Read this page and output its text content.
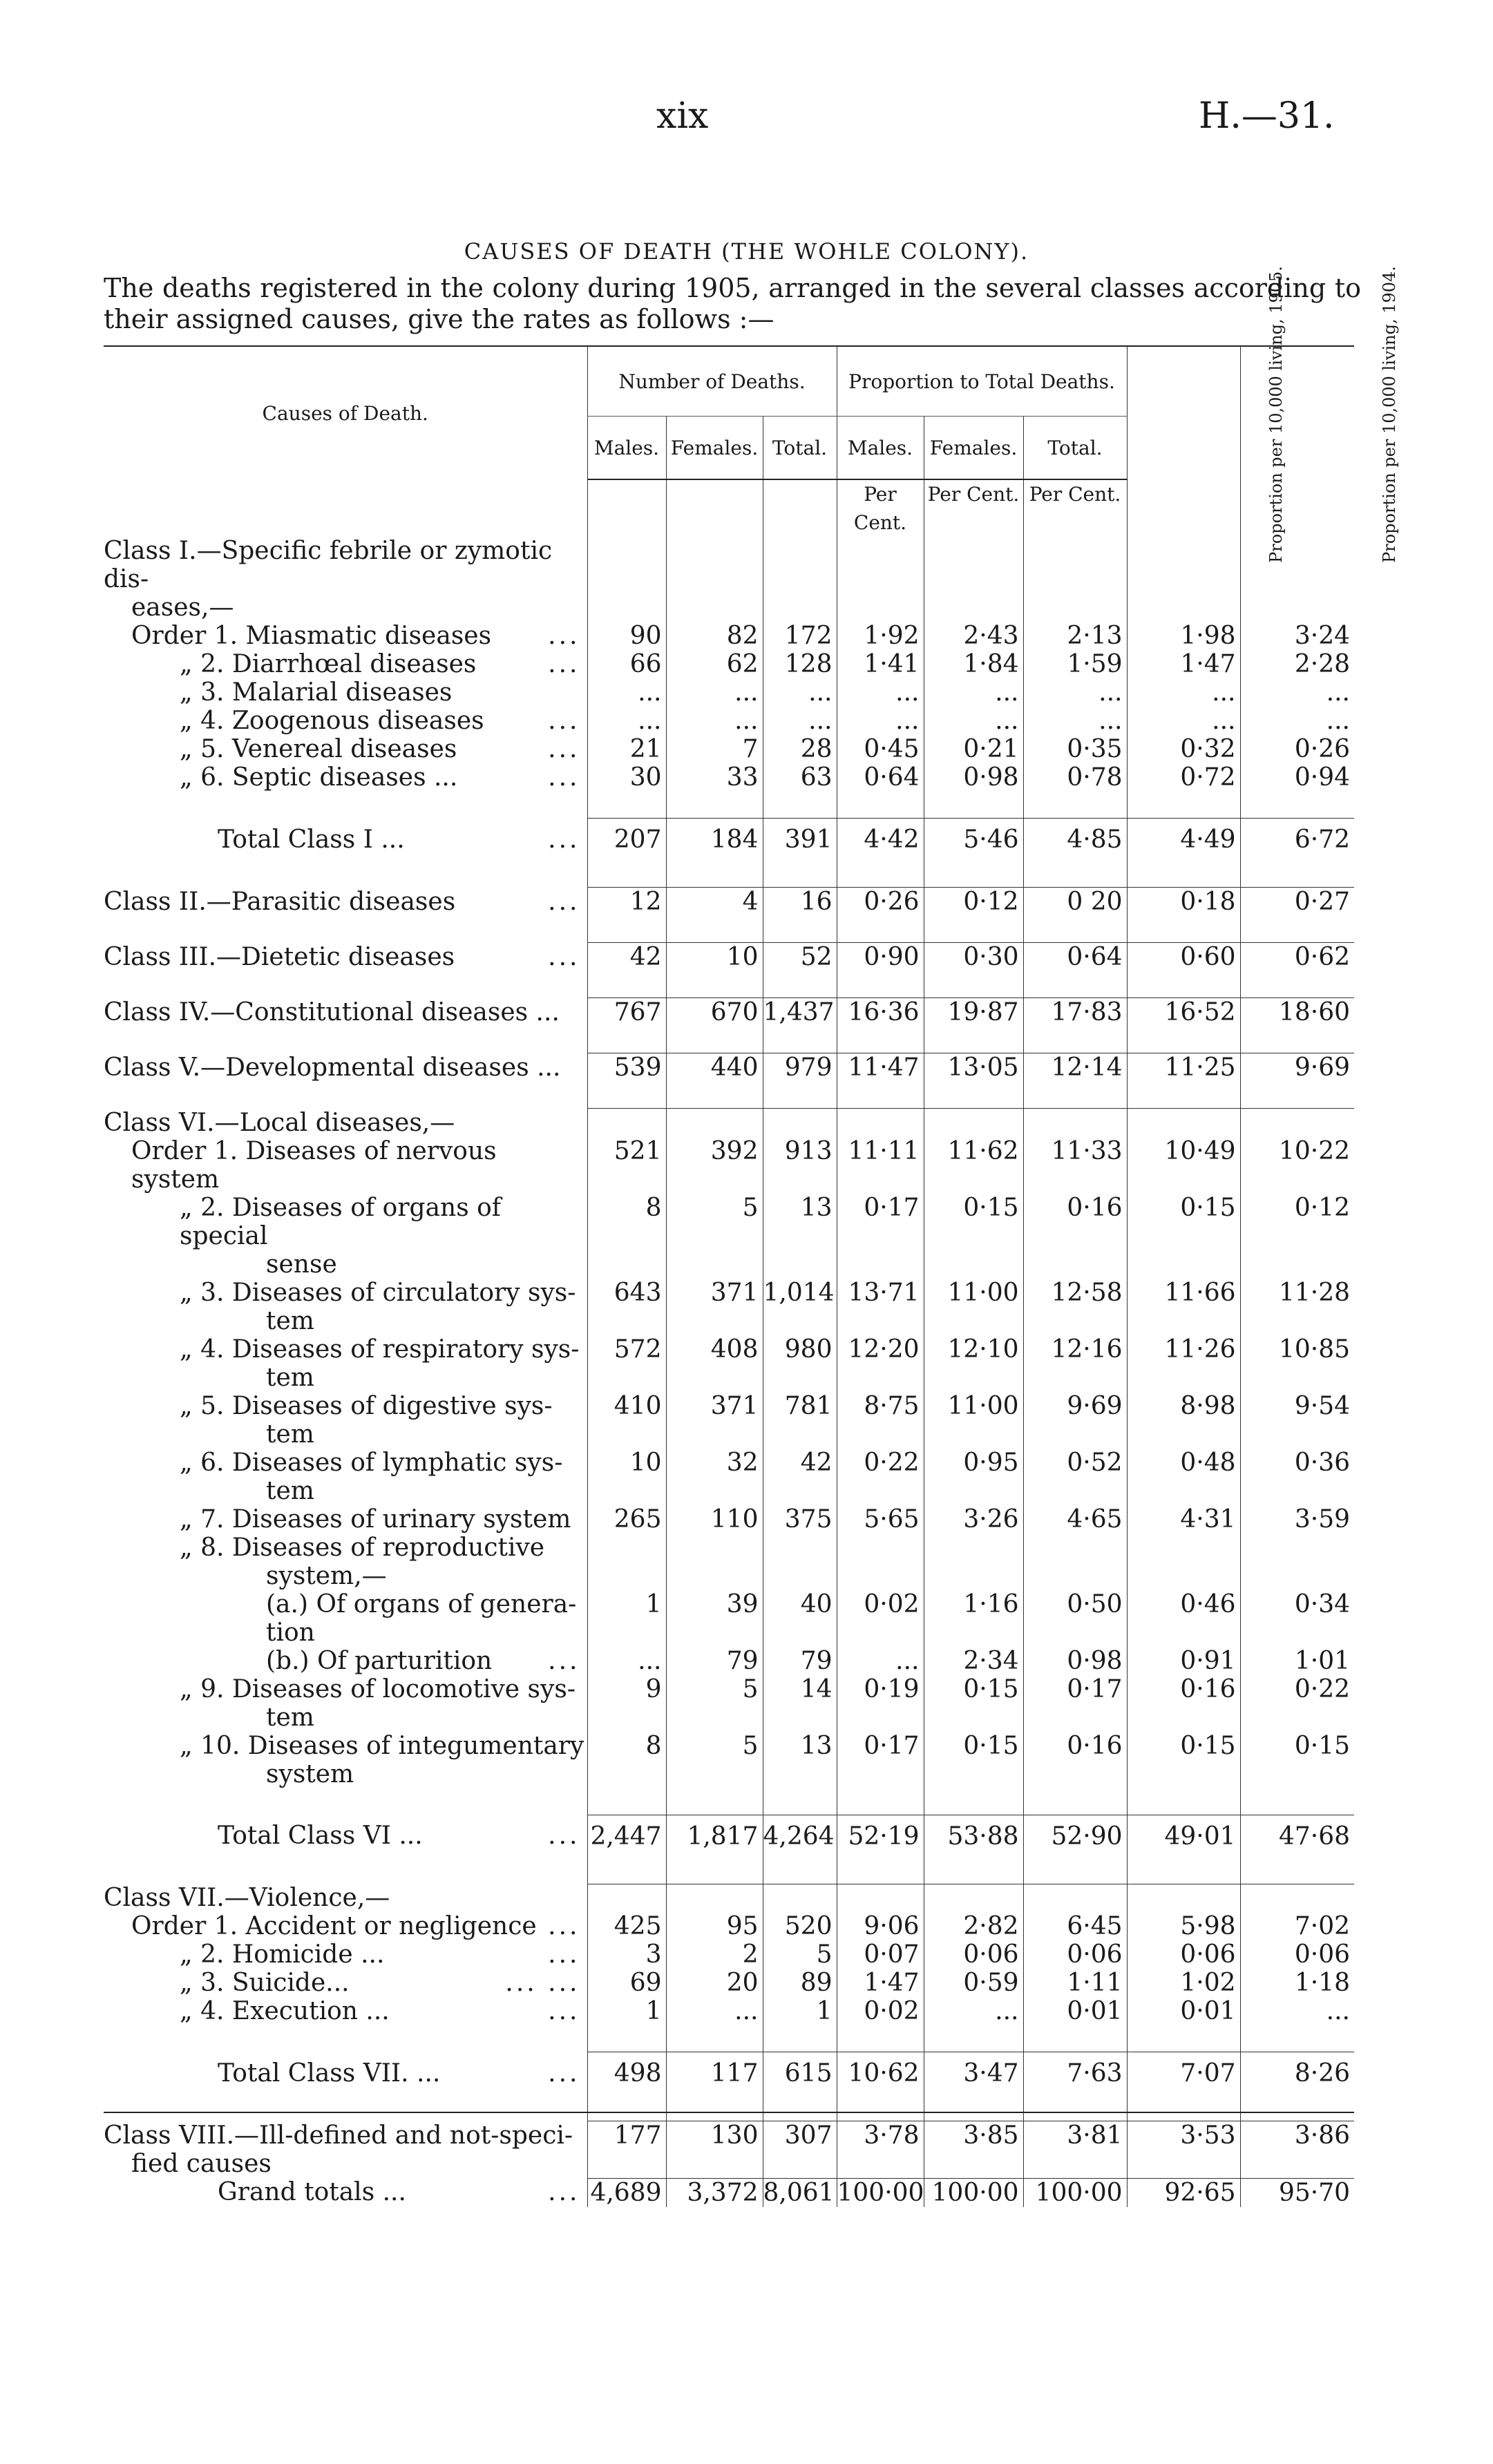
xix	H.—31.
CAUSES OF DEATH (THE WOHLE COLONY).
The deaths registered in the colony during 1905, arranged in the several classes according to their assigned causes, give the rates as follows :—
Causes of Death.	Number of Deaths.			Proportion to Total Deaths.			Proportion per 10,000 living, 1905.	Proportion per 10,000 living, 1904.
	Males.	Females.	Total.	Males.	Females.	Total.		
				Per Cent.	Per Cent.	Per Cent.		
Class I.—Specific febrile or zymotic dis-								
eases,—								
Order 1. Miasmatic diseases ...	90	82	172	1·92	2·43	2·13	1·98	3·24
„ 2. Diarrhœal diseases ...	66	62	128	1·41	1·84	1·59	1·47	2·28
„ 3. Malarial diseases	...	...	...	...	...	...	...	...
„ 4. Zoogenous diseases ...	...	...	...	...	...	...	...	...
„ 5. Venereal diseases ...	21	7	28	0·45	0·21	0·35	0·32	0·26
„ 6. Septic diseases ... ...	30	33	63	0·64	0·98	0·78	0·72	0·94

Total Class I ... ...	207	184	391	4·42	5·46	4·85	4·49	6·72

Class II.—Parasitic diseases ...	12	4	16	0·26	0·12	0 20	0·18	0·27

Class III.—Dietetic diseases ...	42	10	52	0·90	0·30	0·64	0·60	0·62

Class IV.—Constitutional diseases ...	767	670	1,437	16·36	19·87	17·83	16·52	18·60

Class V.—Developmental diseases ...	539	440	979	11·47	13·05	12·14	11·25	9·69

Class VI.—Local diseases,—								
Order 1. Diseases of nervous system	521	392	913	11·11	11·62	11·33	10·49	10·22
„ 2. Diseases of organs of special	8	5	13	0·17	0·15	0·16	0·15	0·12
sense								
„ 3. Diseases of circulatory sys-	643	371	1,014	13·71	11·00	12·58	11·66	11·28
tem								
„ 4. Diseases of respiratory sys-	572	408	980	12·20	12·10	12·16	11·26	10·85
tem								
„ 5. Diseases of digestive sys-	410	371	781	8·75	11·00	9·69	8·98	9·54
tem								
„ 6. Diseases of lymphatic sys-	10	32	42	0·22	0·95	0·52	0·48	0·36
tem								
„ 7. Diseases of urinary system	265	110	375	5·65	3·26	4·65	4·31	3·59
„ 8. Diseases of reproductive								
system,—								
(a.) Of organs of genera-	1	39	40	0·02	1·16	0·50	0·46	0·34
tion								
(b.) Of parturition ...	...	79	79	...	2·34	0·98	0·91	1·01
„ 9. Diseases of locomotive sys-	9	5	14	0·19	0·15	0·17	0·16	0·22
tem								
„ 10. Diseases of integumentary	8	5	13	0·17	0·15	0·16	0·15	0·15
system								

Total Class VI ... ...	2,447	1,817	4,264	52·19	53·88	52·90	49·01	47·68

Class VII.—Violence,—								
Order 1. Accident or negligence ...	425	95	520	9·06	2·82	6·45	5·98	7·02
„ 2. Homicide ... ...	3	2	5	0·07	0·06	0·06	0·06	0·06
„ 3. Suicide... ... ...	69	20	89	1·47	0·59	1·11	1·02	1·18
„ 4. Execution ... ...	1	...	1	0·02	...	0·01	0·01	...

Total Class VII. ... ...	498	117	615	10·62	3·47	7·63	7·07	8·26

Class VIII.—Ill-defined and not-speci-	177	130	307	3·78	3·85	3·81	3·53	3·86
fied causes								
Grand totals ... ...	4,689	3,372	8,061	100·00	100·00	100·00	92·65	95·70
